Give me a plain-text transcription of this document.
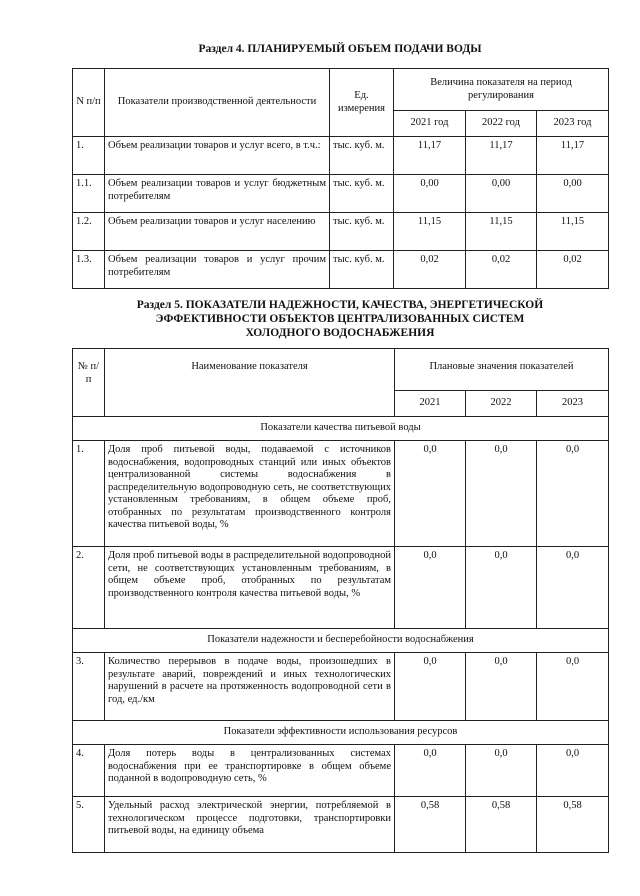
Раздел 4. ПЛАНИРУЕМЫЙ ОБЪЕМ ПОДАЧИ ВОДЫ
N п/п	Показатели производственной деятельности	Ед. измерения	Величина показателя на период регулирования		
			2021 год	2022 год	2023 год
1.	Объем реализации товаров и услуг всего, в т.ч.:	тыс. куб. м.	11,17	11,17	11,17
1.1.	Объем реализации товаров и услуг бюджетным потребителям	тыс. куб. м.	0,00	0,00	0,00
1.2.	Объем реализации товаров и услуг населению	тыс. куб. м.	11,15	11,15	11,15
1.3.	Объем реализации товаров и услуг прочим потребителям	тыс. куб. м.	0,02	0,02	0,02
Раздел 5. ПОКАЗАТЕЛИ НАДЕЖНОСТИ, КАЧЕСТВА, ЭНЕРГЕТИЧЕСКОЙ
ЭФФЕКТИВНОСТИ ОБЪЕКТОВ ЦЕНТРАЛИЗОВАННЫХ СИСТЕМ
ХОЛОДНОГО ВОДОСНАБЖЕНИЯ
№ п/п	Наименование показателя	Плановые значения показателей		
		2021	2022	2023
Показатели качества питьевой воды				
1.	Доля проб питьевой воды, подаваемой с источников водоснабжения, водопроводных станций или иных объектов централизованной системы водоснабжения в распределительную водопроводную сеть, не соответствующих установленным требованиям, в общем объеме проб, отобранных по результатам производственного контроля качества питьевой воды, %	0,0	0,0	0,0
2.	Доля проб питьевой воды в распределительной водопроводной сети, не соответствующих установленным требованиям, в общем объеме проб, отобранных по результатам производственного контроля качества питьевой воды, %	0,0	0,0	0,0
Показатели надежности и бесперебойности водоснабжения				
3.	Количество перерывов в подаче воды, произошедших в результате аварий, повреждений и иных технологических нарушений в расчете на протяженность водопроводной сети в год, ед./км	0,0	0,0	0,0
Показатели эффективности использования ресурсов				
4.	Доля потерь воды в централизованных системах водоснабжения при ее транспортировке в общем объеме поданной в водопроводную сеть, %	0,0	0,0	0,0
5.	Удельный расход электрической энергии, потребляемой в технологическом процессе подготовки, транспортировки питьевой воды, на единицу объема	0,58	0,58	0,58
